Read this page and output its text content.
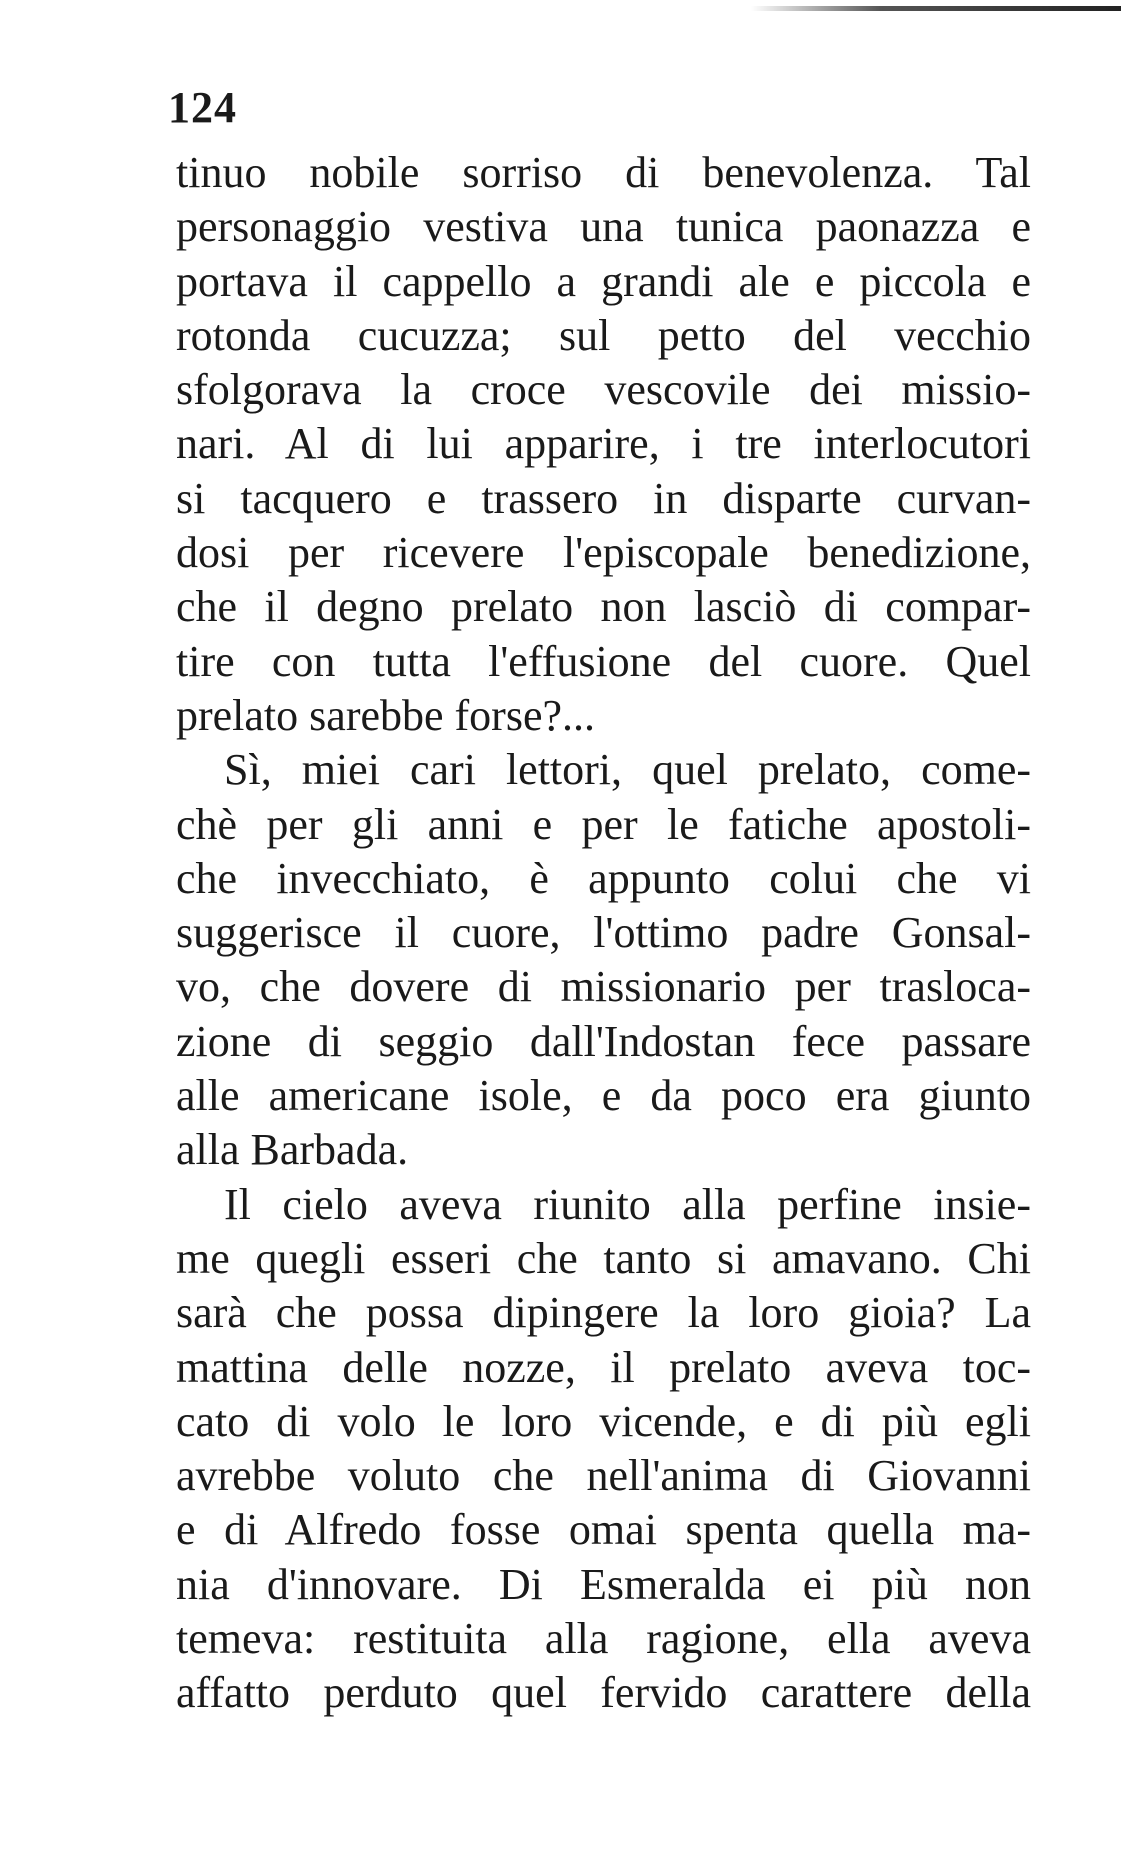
124
tinuo nobile sorriso di benevolenza. Tal
personaggio vestiva una tunica paonazza e
portava il cappello a grandi ale e piccola e
rotonda cucuzza; sul petto del vecchio
sfolgorava la croce vescovile dei missio-
nari. Al di lui apparire, i tre interlocutori
si tacquero e trassero in disparte curvan-
dosi per ricevere l'episcopale benedizione,
che il degno prelato non lasciò di compar-
tire con tutta l'effusione del cuore. Quel
prelato sarebbe forse?...
Sì, miei cari lettori, quel prelato, come-
chè per gli anni e per le fatiche apostoli-
che invecchiato, è appunto colui che vi
suggerisce il cuore, l'ottimo padre Gonsal-
vo, che dovere di missionario per trasloca-
zione di seggio dall'Indostan fece passare
alle americane isole, e da poco era giunto
alla Barbada.
Il cielo aveva riunito alla perfine insie-
me quegli esseri che tanto si amavano. Chi
sarà che possa dipingere la loro gioia? La
mattina delle nozze, il prelato aveva toc-
cato di volo le loro vicende, e di più egli
avrebbe voluto che nell'anima di Giovanni
e di Alfredo fosse omai spenta quella ma-
nia d'innovare. Di Esmeralda ei più non
temeva: restituita alla ragione, ella aveva
affatto perduto quel fervido carattere della
